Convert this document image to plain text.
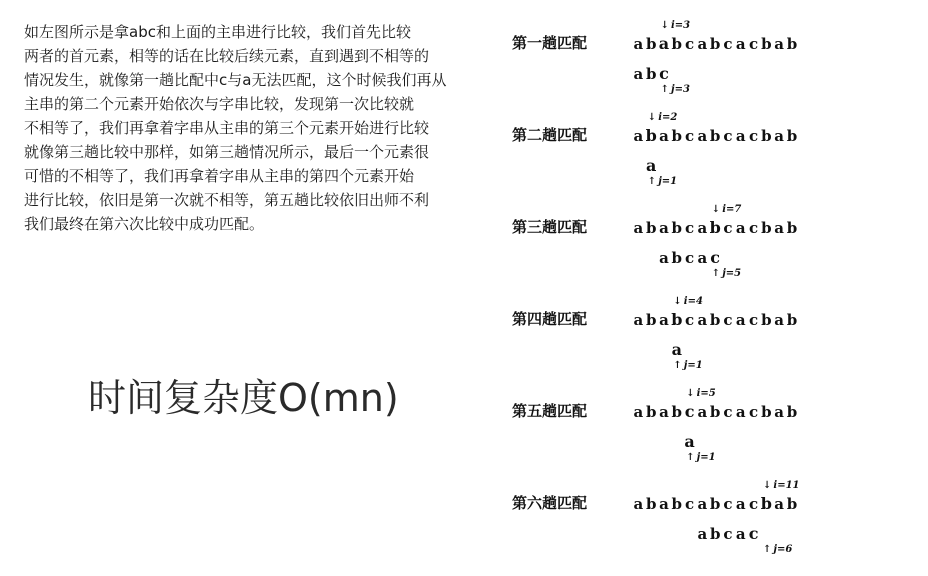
如左图所示是拿abc和上面的主串进行比较，我们首先比较
两者的首元素，相等的话在比较后续元素，直到遇到不相等的
情况发生，就像第一趟比配中c与a无法匹配，这个时候我们再从
主串的第二个元素开始依次与字串比较，发现第一次比较就
不相等了，我们再拿着字串从主串的第三个元素开始进行比较
就像第三趟比较中那样，如第三趟情况所示，最后一个元素很
可惜的不相等了，我们再拿着字串从主串的第四个元素开始
进行比较，依旧是第一次就不相等，第五趟比较依旧出师不利
我们最终在第六次比较中成功匹配。
时间复杂度O(mn)
第一趟匹配	a b a b c a b c a c b a b
↓ i=3
a b c
↑ j=3
第二趟匹配	a b a b c a b c a c b a b
↓ i=2
a
↑ j=1
第三趟匹配	a b a b c a b c a c b a b
↓ i=7
a b c a c
↑ j=5
第四趟匹配	a b a b c a b c a c b a b
↓ i=4
a
↑ j=1
第五趟匹配	a b a b c a b c a c b a b
↓ i=5
a
↑ j=1
第六趟匹配	a b a b c a b c a c b a b
↓ i=11
a b c a c
↑ j=6
